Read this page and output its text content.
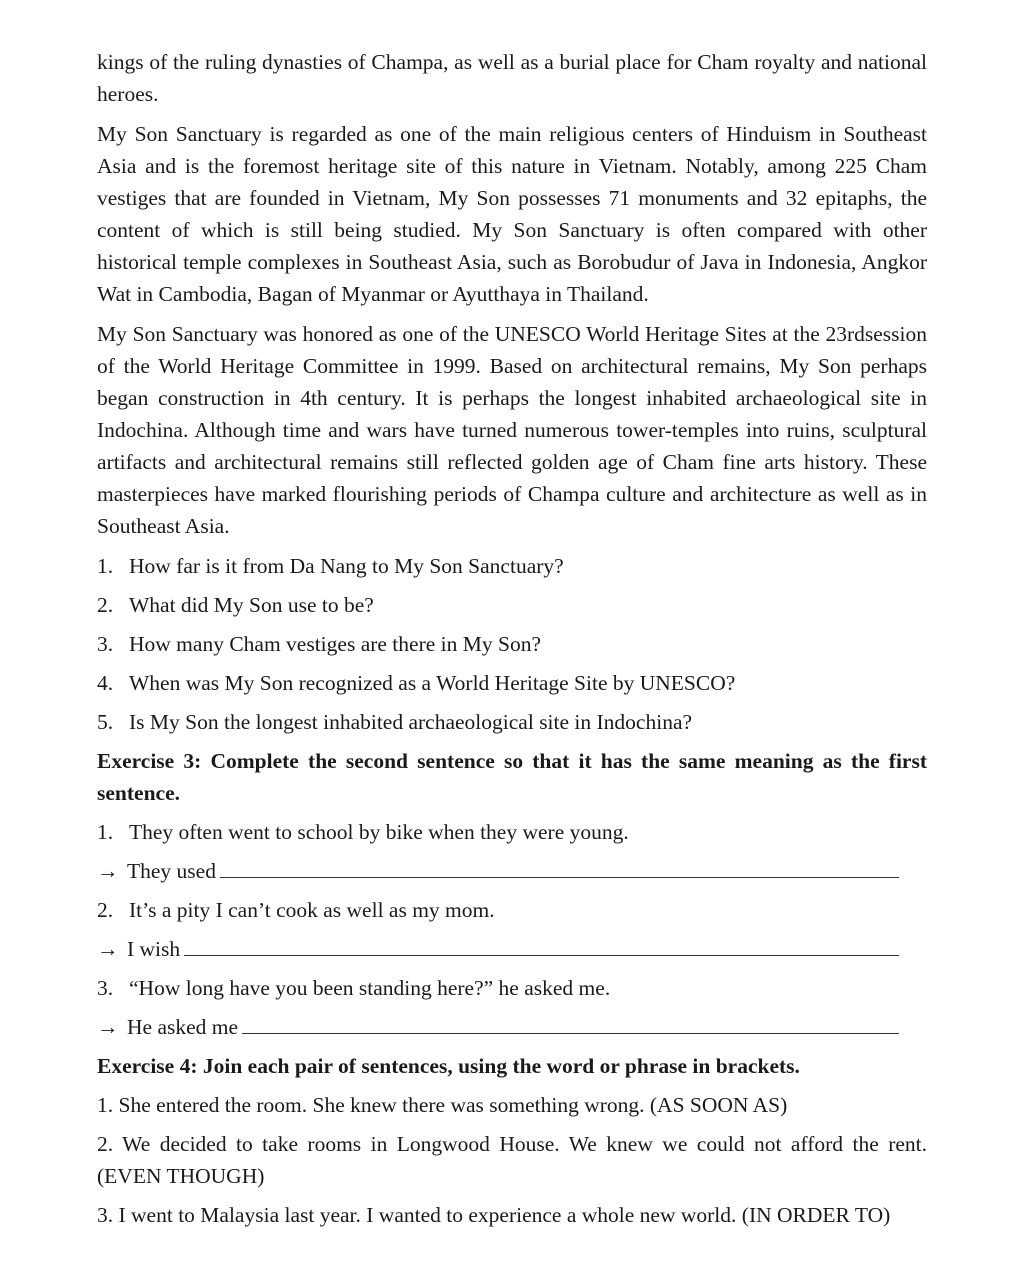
kings of the ruling dynasties of Champa, as well as a burial place for Cham royalty and national heroes.

My Son Sanctuary is regarded as one of the main religious centers of Hinduism in Southeast Asia and is the foremost heritage site of this nature in Vietnam. Notably, among 225 Cham vestiges that are founded in Vietnam, My Son possesses 71 monuments and 32 epitaphs, the content of which is still being studied. My Son Sanctuary is often compared with other historical temple complexes in Southeast Asia, such as Borobudur of Java in Indonesia, Angkor Wat in Cambodia, Bagan of Myanmar or Ayutthaya in Thailand.

My Son Sanctuary was honored as one of the UNESCO World Heritage Sites at the 23rdsession of the World Heritage Committee in 1999. Based on architectural remains, My Son perhaps began construction in 4th century. It is perhaps the longest inhabited archaeological site in Indochina. Although time and wars have turned numerous tower-temples into ruins, sculptural artifacts and architectural remains still reflected golden age of Cham fine arts history. These masterpieces have marked flourishing periods of Champa culture and architecture as well as in Southeast Asia.

1. How far is it from Da Nang to My Son Sanctuary?
2. What did My Son use to be?
3. How many Cham vestiges are there in My Son?
4. When was My Son recognized as a World Heritage Site by UNESCO?
5. Is My Son the longest inhabited archaeological site in Indochina?

Exercise 3: Complete the second sentence so that it has the same meaning as the first sentence.

1. They often went to school by bike when they were young.
→ They used
2. It’s a pity I can’t cook as well as my mom.
→ I wish
3. “How long have you been standing here?” he asked me.
→ He asked me

Exercise 4: Join each pair of sentences, using the word or phrase in brackets.

1. She entered the room. She knew there was something wrong. (AS SOON AS)

2. We decided to take rooms in Longwood House. We knew we could not afford the rent. (EVEN THOUGH)

3. I went to Malaysia last year. I wanted to experience a whole new world. (IN ORDER TO)
